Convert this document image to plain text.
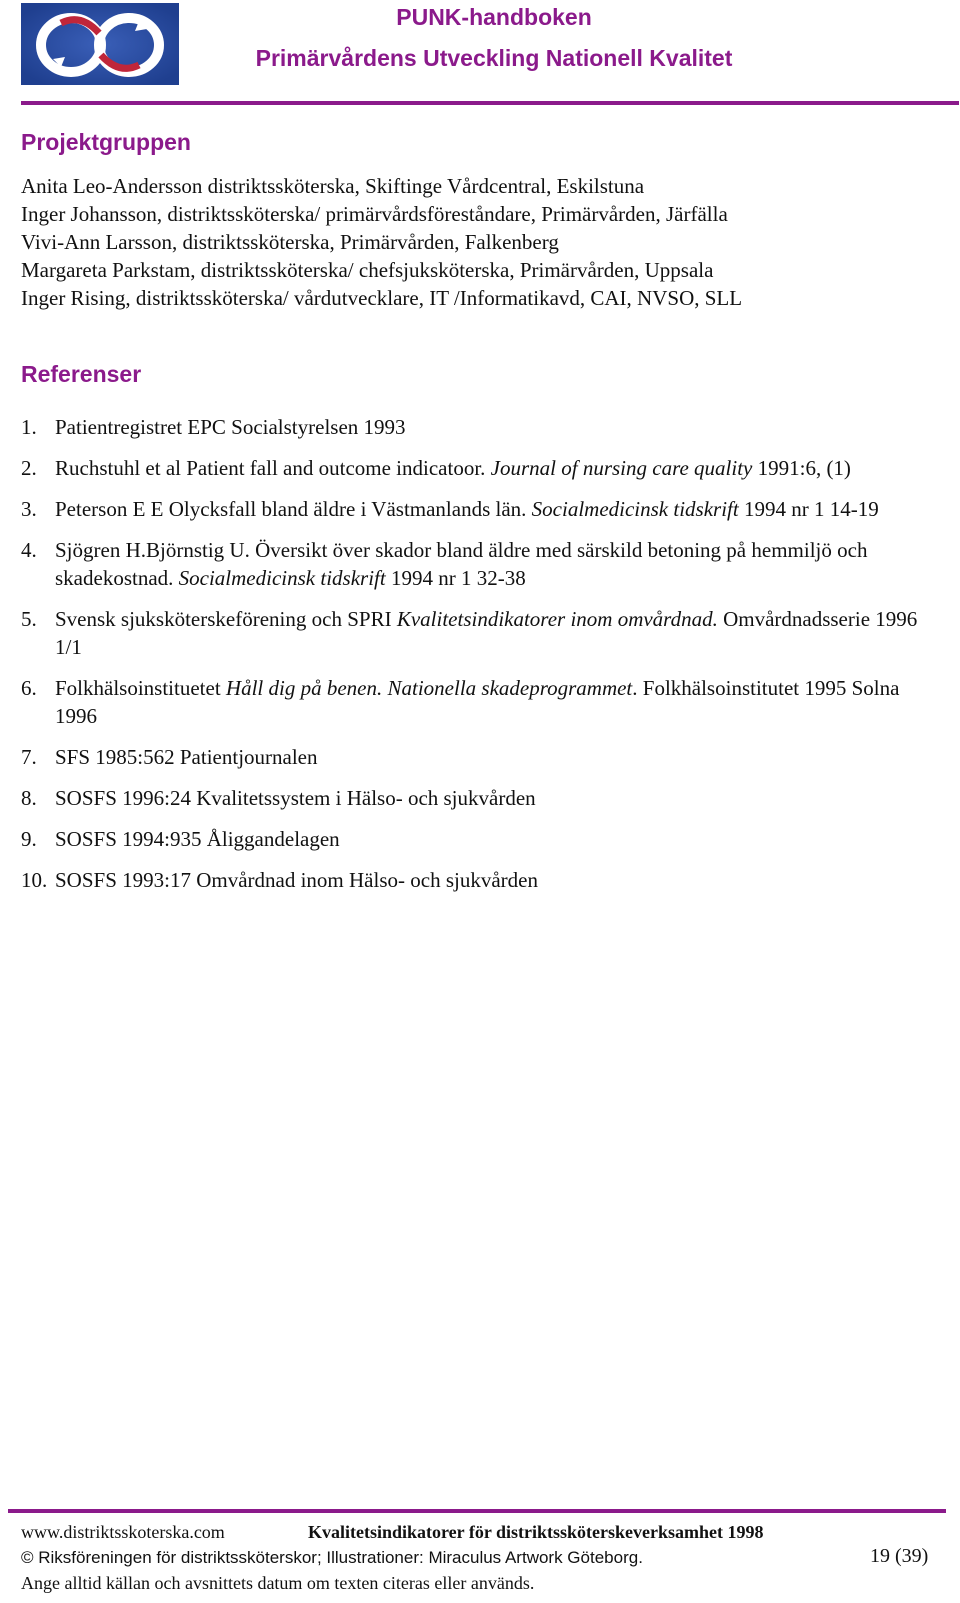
PUNK-handboken
Primärvårdens Utveckling Nationell Kvalitet
Projektgruppen
Anita Leo-Andersson distriktssköterska, Skiftinge Vårdcentral, Eskilstuna
Inger Johansson, distriktssköterska/ primärvårdsföreståndare, Primärvården, Järfälla
Vivi-Ann Larsson, distriktssköterska, Primärvården, Falkenberg
Margareta Parkstam, distriktssköterska/ chefsjuksköterska, Primärvården, Uppsala
Inger Rising, distriktssköterska/ vårdutvecklare, IT /Informatikavd, CAI, NVSO, SLL
Referenser
1. Patientregistret EPC Socialstyrelsen 1993
2. Ruchstuhl et al Patient fall and outcome indicatoor. Journal of nursing care quality 1991:6, (1)
3. Peterson E E Olycksfall bland äldre i Västmanlands län. Socialmedicinsk tidskrift 1994 nr 1 14-19
4. Sjögren H.Björnstig U. Översikt över skador bland äldre med särskild betoning på hemmiljö och skadekostnad. Socialmedicinsk tidskrift 1994 nr 1 32-38
5. Svensk sjuksköterskeförening och SPRI Kvalitetsindikatorer inom omvårdnad. Omvårdnadsserie 1996 1/1
6. Folkhälsoinstituetet Håll dig på benen. Nationella skadeprogrammet. Folkhälsoinstitutet 1995 Solna 1996
7. SFS 1985:562 Patientjournalen
8. SOSFS 1996:24 Kvalitetssystem i Hälso- och sjukvården
9. SOSFS 1994:935 Åliggandelagen
10. SOSFS 1993:17 Omvårdnad inom Hälso- och sjukvården
www.distriktsskoterska.com	Kvalitetsindikatorer för distriktssköterskeverksamhet 1998
© Riksföreningen för distriktssköterskor; Illustrationer: Miraculus Artwork Göteborg.	19 (39)
Ange alltid källan och avsnittets datum om texten citeras eller används.
